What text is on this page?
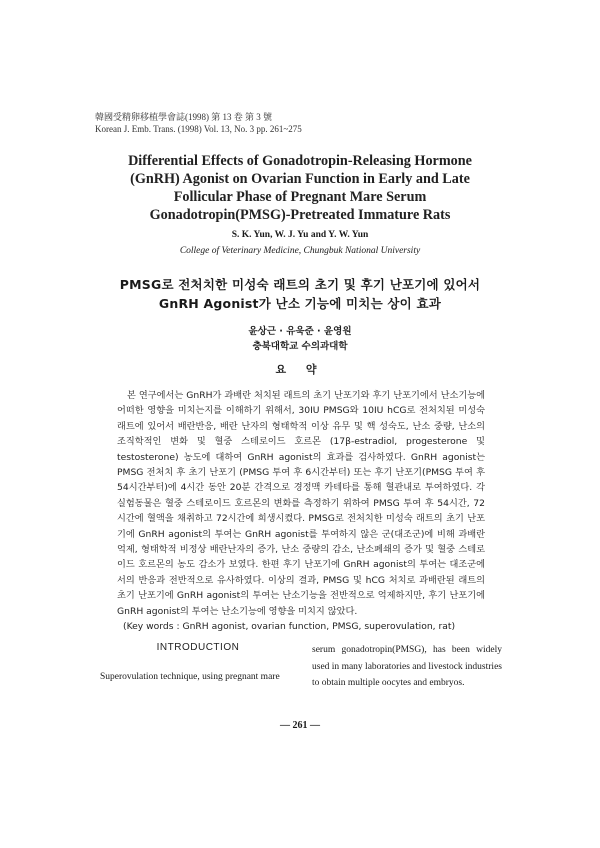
韓國受精卵移植學會誌(1998) 第 13 卷 第 3 號
Korean J. Emb. Trans. (1998) Vol. 13, No. 3 pp. 261~275
Differential Effects of Gonadotropin-Releasing Hormone
(GnRH) Agonist on Ovarian Function in Early and Late
Follicular Phase of Pregnant Mare Serum
Gonadotropin(PMSG)-Pretreated Immature Rats
S. K. Yun, W. J. Yu and Y. W. Yun
College of Veterinary Medicine, Chungbuk National University
PMSG로 전처치한 미성숙 래트의 초기 및 후기 난포기에 있어서
GnRH Agonist가 난소 기능에 미치는 상이 효과
윤상근 · 유욱준 · 윤영원
충북대학교 수의과대학
요 약

본 연구에서는 GnRH가 과배란 처치된 래트의 초기 난포기와 후기 난포기에서 난소기능에 어떠한 영향을 미치는지를 이해하기 위해서, 30IU PMSG와 10IU hCG로 전처치된 미성숙 래트에 있어서 배란반응, 배란 난자의 형태학적 이상 유무 및 핵 성숙도, 난소 중량, 난소의 조직학적인 변화 및 혈중 스테로이드 호르몬 (17β-estradiol, progesterone 및 testosterone) 농도에 대하여 GnRH agonist의 효과를 검사하였다. GnRH agonist는 PMSG 전처치 후 초기 난포기 (PMSG 투여 후 6시간부터) 또는 후기 난포기(PMSG 투여 후 54시간부터)에 4시간 동안 20분 간격으로 경정맥 카테타를 통해 혈관내로 투여하였다. 각 실험동물은 혈중 스테로이드 호르몬의 변화를 측정하기 위하여 PMSG 투여 후 54시간, 72시간에 혈액을 채취하고 72시간에 희생시켰다. PMSG로 전처치한 미성숙 래트의 초기 난포기에 GnRH agonist의 투여는 GnRH agonist를 투여하지 않은 군(대조군)에 비해 과배란 억제, 형태학적 비정상 배란난자의 증가, 난소 중량의 감소, 난소폐쇄의 증가 및 혈중 스테로이드 호르몬의 농도 감소가 보였다. 한편 후기 난포기에 GnRH agonist의 투여는 대조군에서의 반응과 전반적으로 유사하였다. 이상의 결과, PMSG 및 hCG 처치로 과배란된 래트의 초기 난포기에 GnRH agonist의 투여는 난소기능을 전반적으로 억제하지만, 후기 난포기에 GnRH agonist의 투여는 난소기능에 영향을 미치지 않았다.

(Key words : GnRH agonist, ovarian function, PMSG, superovulation, rat)

INTRODUCTION
Superovulation technique, using pregnant mare
serum gonadotropin(PMSG), has been widely used in many laboratories and livestock industries to obtain multiple oocytes and embryos.
— 261 —
